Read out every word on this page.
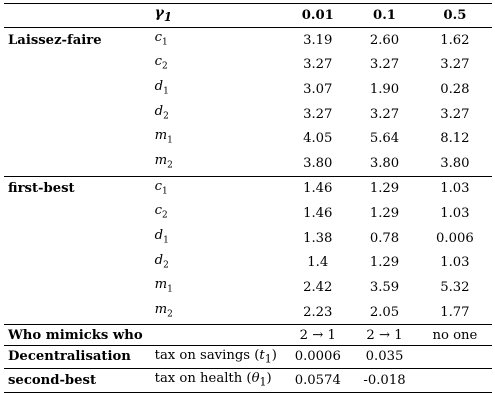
	$\gamma_1$	0.01	0.1	0.5
Laissez-faire	$c_1$	3.19	2.60	1.62
	$c_2$	3.27	3.27	3.27
	$d_1$	3.07	1.90	0.28
	$d_2$	3.27	3.27	3.27
	$m_1$	4.05	5.64	8.12
	$m_2$	3.80	3.80	3.80
first-best	$c_1$	1.46	1.29	1.03
	$c_2$	1.46	1.29	1.03
	$d_1$	1.38	0.78	0.006
	$d_2$	1.4	1.29	1.03
	$m_1$	2.42	3.59	5.32
	$m_2$	2.23	2.05	1.77
Who mimicks who		2 → 1	2 → 1	no one
Decentralisation	tax on savings $(t_1)$	0.0006	0.035	
second-best	tax on health $(\theta_1)$	0.0574	-0.018	
